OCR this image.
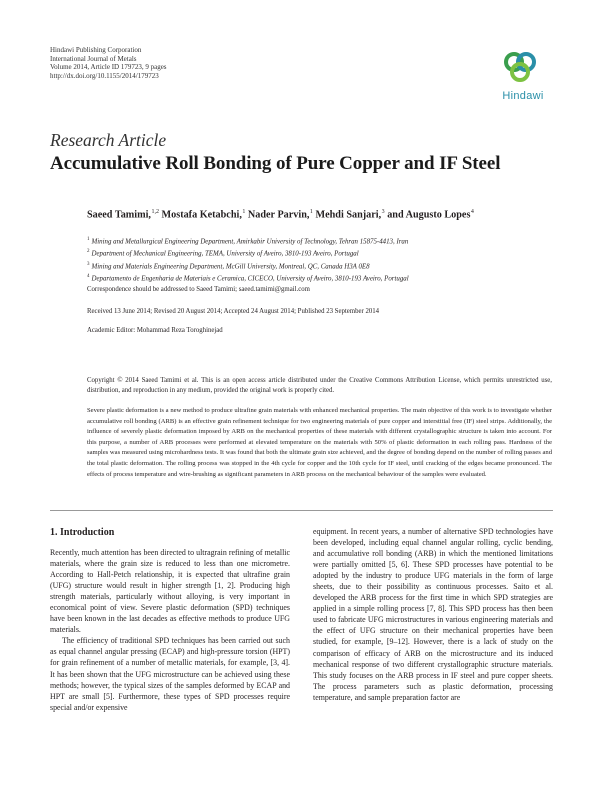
Hindawi Publishing Corporation
International Journal of Metals
Volume 2014, Article ID 179723, 9 pages
http://dx.doi.org/10.1155/2014/179723
Hindawi
Research Article
Accumulative Roll Bonding of Pure Copper and IF Steel
Saeed Tamimi,$^{1,2}$ Mostafa Ketabchi,$^1$ Nader Parvin,$^1$ Mehdi Sanjari,$^3$ and Augusto Lopes$^4$
$^1$ Mining and Metallurgical Engineering Department, Amirkabir University of Technology, Tehran 15875-4413, Iran
$^2$ Department of Mechanical Engineering, TEMA, University of Aveiro, 3810-193 Aveiro, Portugal
$^3$ Mining and Materials Engineering Department, McGill University, Montreal, QC, Canada H3A 0E8
$^4$ Departamento de Engenharia de Materiais e Ceramica, CICECO, University of Aveiro, 3810-193 Aveiro, Portugal
Correspondence should be addressed to Saeed Tamimi; saeed.tamimi@gmail.com
Received 13 June 2014; Revised 20 August 2014; Accepted 24 August 2014; Published 23 September 2014
Academic Editor: Mohammad Reza Toroghinejad
Copyright © 2014 Saeed Tamimi et al. This is an open access article distributed under the Creative Commons Attribution License, which permits unrestricted use, distribution, and reproduction in any medium, provided the original work is properly cited.
Severe plastic deformation is a new method to produce ultrafine grain materials with enhanced mechanical properties. The main objective of this work is to investigate whether accumulative roll bonding (ARB) is an effective grain refinement technique for two engineering materials of pure copper and interstitial free (IF) steel strips. Additionally, the influence of severely plastic deformation imposed by ARB on the mechanical properties of these materials with different crystallographic structure is taken into account. For this purpose, a number of ARB processes were performed at elevated temperature on the materials with 50% of plastic deformation in each rolling pass. Hardness of the samples was measured using microhardness tests. It was found that both the ultimate grain size achieved, and the degree of bonding depend on the number of rolling passes and the total plastic deformation. The rolling process was stopped in the 4th cycle for copper and the 10th cycle for IF steel, until cracking of the edges became pronounced. The effects of process temperature and wire-brushing as significant parameters in ARB process on the mechanical behaviour of the samples were evaluated.
1. Introduction

Recently, much attention has been directed to ultragrain refining of metallic materials, where the grain size is reduced to less than one micrometre. According to Hall-Petch relationship, it is expected that ultrafine grain (UFG) structure would result in higher strength [1, 2]. Producing high strength materials, particularly without alloying, is very important in economical point of view. Severe plastic deformation (SPD) techniques have been known in the last decades as effective methods to produce UFG materials.

The efficiency of traditional SPD techniques has been carried out such as equal channel angular pressing (ECAP) and high-pressure torsion (HPT) for grain refinement of a number of metallic materials, for example, [3, 4]. It has been shown that the UFG microstructure can be achieved using these methods; however, the typical sizes of the samples deformed by ECAP and HPT are small [5]. Furthermore, these types of SPD processes require special and/or expensive

equipment. In recent years, a number of alternative SPD technologies have been developed, including equal channel angular rolling, cyclic bending, and accumulative roll bonding (ARB) in which the mentioned limitations were partially omitted [5, 6]. These SPD processes have potential to be adopted by the industry to produce UFG materials in the form of large sheets, due to their possibility as continuous processes. Saito et al. developed the ARB process for the first time in which SPD strategies are applied in a simple rolling process [7, 8]. This SPD process has then been used to fabricate UFG microstructures in various engineering materials and the effect of UFG structure on their mechanical properties have been studied, for example, [9–12]. However, there is a lack of study on the comparison of efficacy of ARB on the microstructure and its induced mechanical response of two different crystallographic structure materials. This study focuses on the ARB process in IF steel and pure copper sheets. The process parameters such as plastic deformation, processing temperature, and sample preparation factor are
